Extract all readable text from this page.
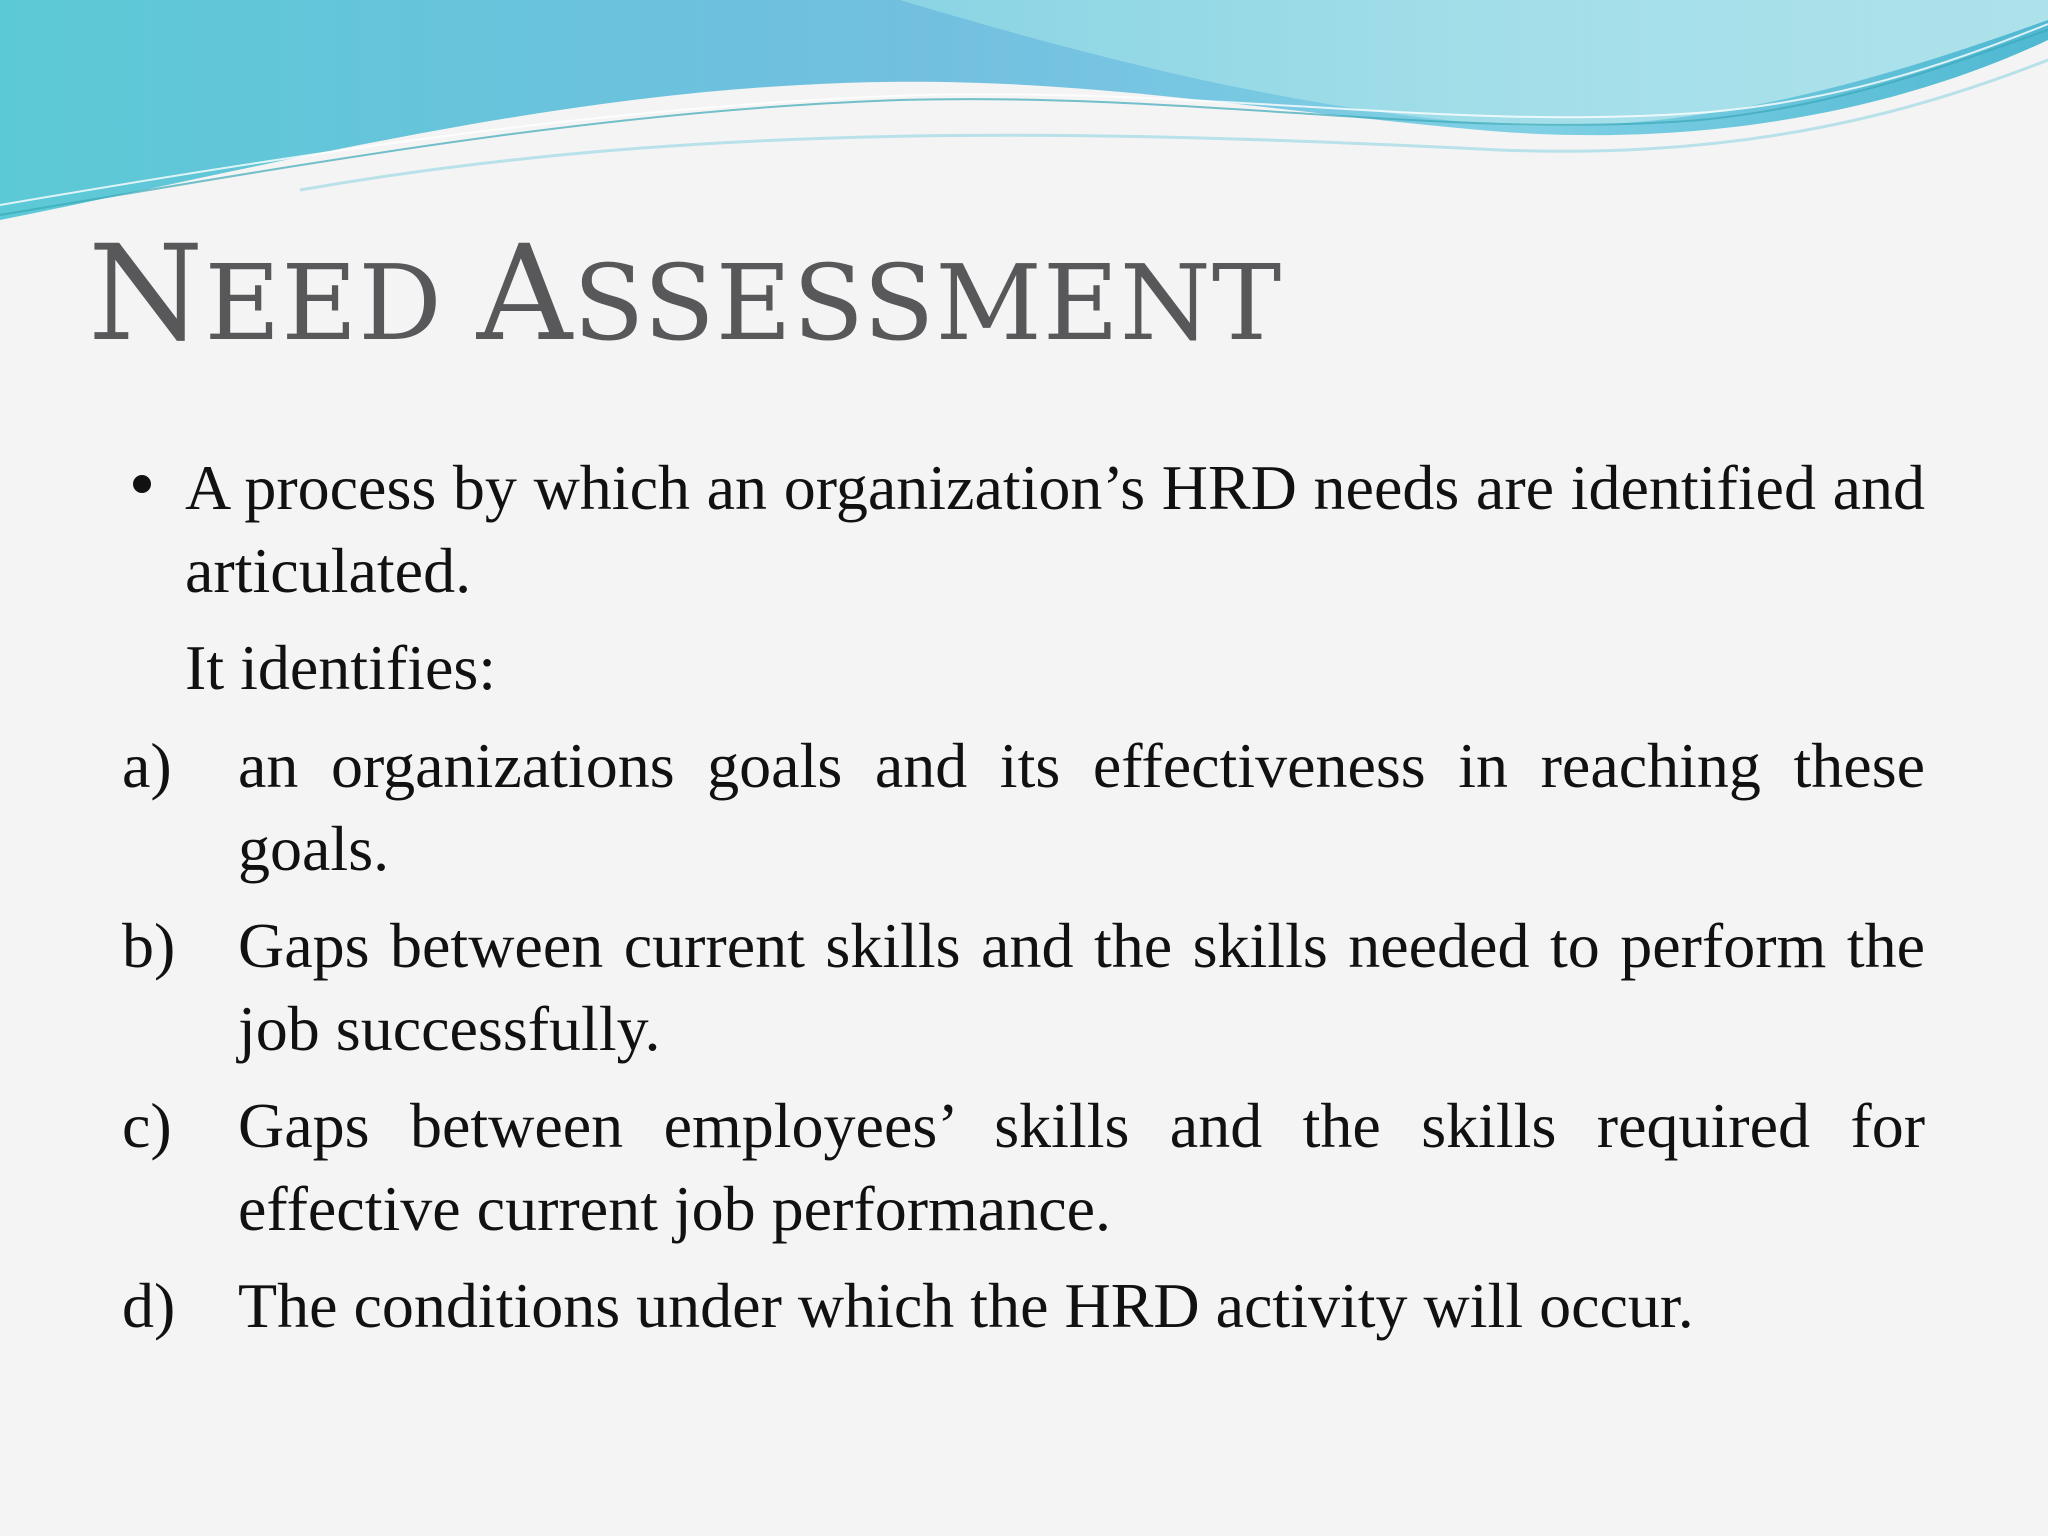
NEED ASSESSMENT

A process by which an organization’s HRD needs are identified and articulated.

It identifies:

a) an organizations goals and its effectiveness in reaching these goals.

b) Gaps between current skills and the skills needed to perform the job successfully.

c) Gaps between employees’ skills and the skills required for effective current job performance.

d) The conditions under which the HRD activity will occur.
